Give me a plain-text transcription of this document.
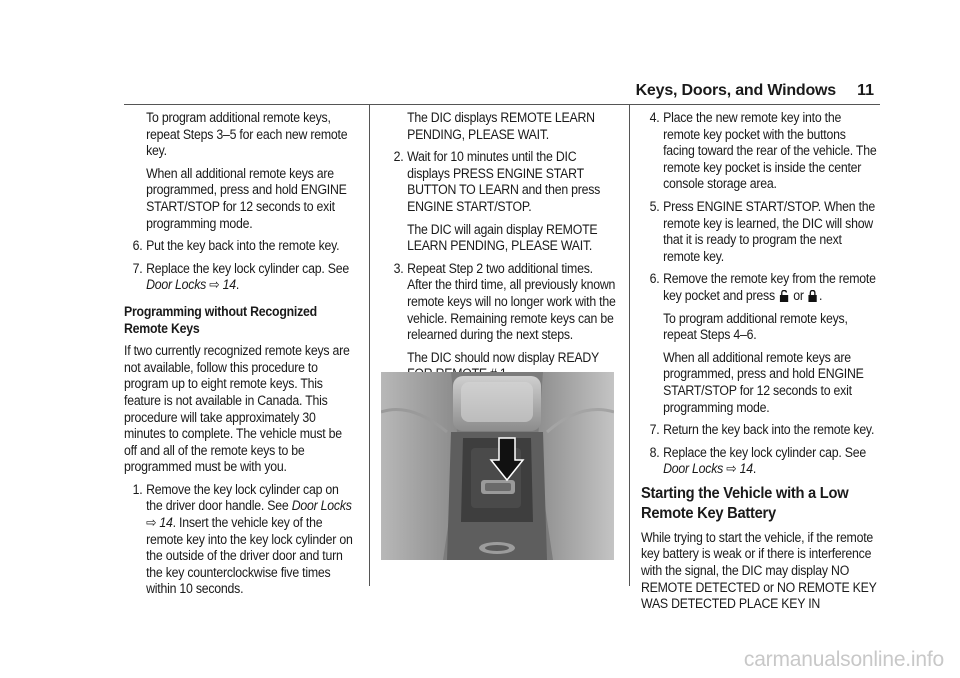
Keys, Doors, and Windows 11

To program additional remote keys, repeat Steps 3–5 for each new remote key.

When all additional remote keys are programmed, press and hold ENGINE START/STOP for 12 seconds to exit programming mode.

6. Put the key back into the remote key.
7. Replace the key lock cylinder cap. See
Door Locks ⇨ 14.

Programming without Recognized Remote Keys

If two currently recognized remote keys are not available, follow this procedure to program up to eight remote keys. This feature is not available in Canada. This procedure will take approximately 30 minutes to complete. The vehicle must be off and all of the remote keys to be programmed must be with you.

1. Remove the key lock cylinder cap on the driver door handle. See Door Locks ⇨ 14. Insert the vehicle key of the remote key into the key lock cylinder on the outside of the driver door and turn the key counterclockwise five times within 10 seconds.

The DIC displays REMOTE LEARN PENDING, PLEASE WAIT.

2. Wait for 10 minutes until the DIC displays PRESS ENGINE START BUTTON TO LEARN and then press ENGINE START/STOP.

The DIC will again display REMOTE LEARN PENDING, PLEASE WAIT.

3. Repeat Step 2 two additional times. After the third time, all previously known remote keys will no longer work with the vehicle. Remaining remote keys can be relearned during the next steps.

The DIC should now display READY

4. Place the new remote key into the remote key pocket with the buttons facing toward the rear of the vehicle. The remote key pocket is inside the center console storage area.
5. Press ENGINE START/STOP. When the remote key is learned, the DIC will show that it is ready to program the next remote key.
6. Remove the remote key from the remote key pocket and press or .

To program additional remote keys, repeat Steps 4–6.

When all additional remote keys are programmed, press and hold ENGINE START/STOP for 12 seconds to exit programming mode.

7. Return the key back into the remote key.
8. Replace the key lock cylinder cap. See
Door Locks ⇨ 14.

Starting the Vehicle with a Low Remote Key Battery

While trying to start the vehicle, if the remote key battery is weak or if there is interference with the signal, the DIC may display NO REMOTE DETECTED or NO REMOTE KEY WAS DETECTED PLACE KEY IN

carmanualsonline.info
